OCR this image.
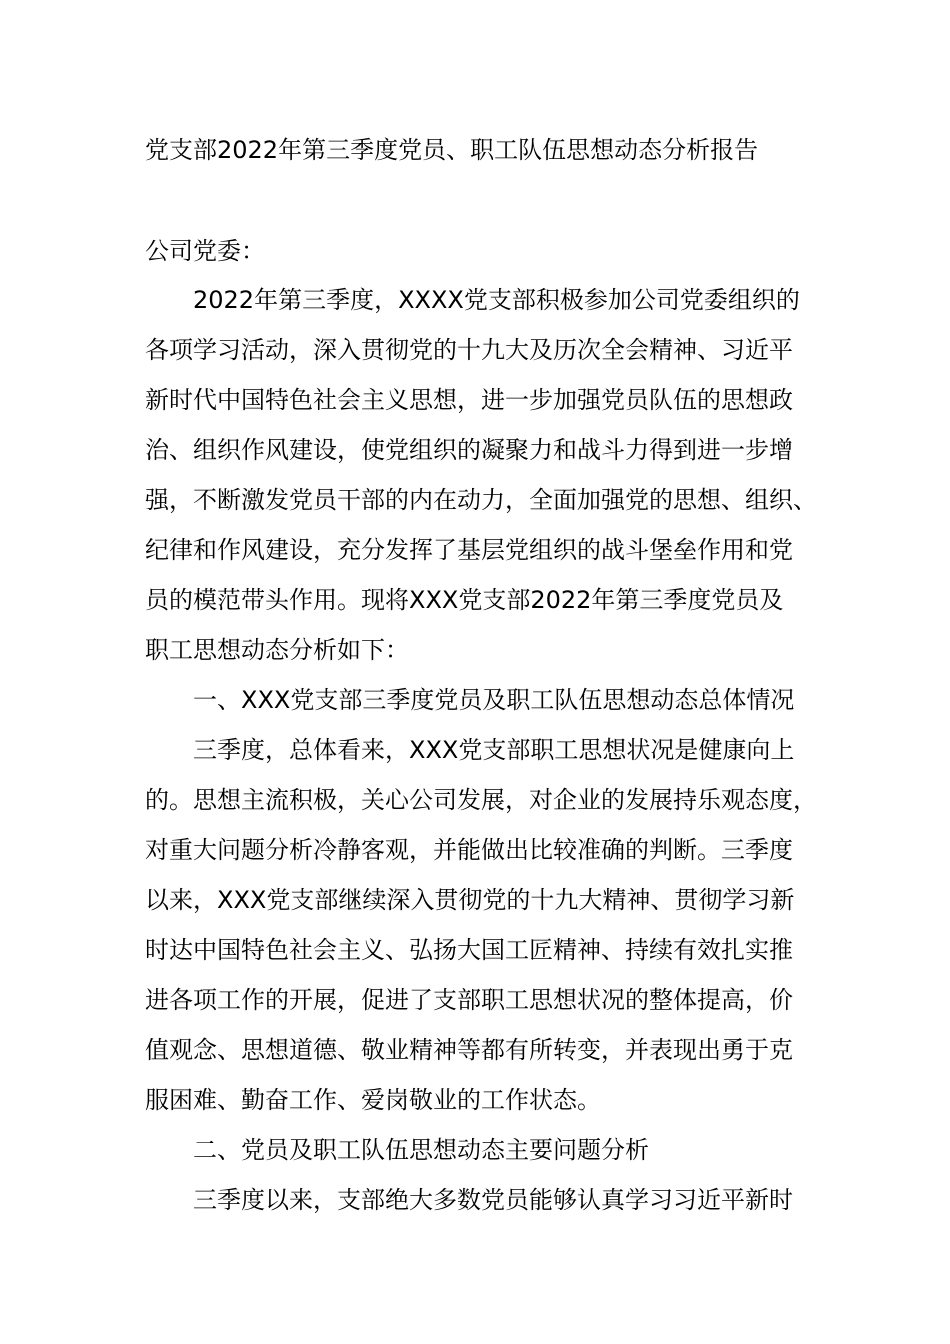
党支部2022年第三季度党员、职工队伍思想动态分析报告
公司党委：
2022年第三季度，XXXX党支部积极参加公司党委组织的
各项学习活动，深入贯彻党的十九大及历次全会精神、习近平
新时代中国特色社会主义思想，进一步加强党员队伍的思想政
治、组织作风建设，使党组织的凝聚力和战斗力得到进一步增
强，不断激发党员干部的内在动力，全面加强党的思想、组织、
纪律和作风建设，充分发挥了基层党组织的战斗堡垒作用和党
员的模范带头作用。现将XXX党支部2022年第三季度党员及
职工思想动态分析如下：
一、XXX党支部三季度党员及职工队伍思想动态总体情况
三季度，总体看来，XXX党支部职工思想状况是健康向上
的。思想主流积极，关心公司发展，对企业的发展持乐观态度，
对重大问题分析冷静客观，并能做出比较准确的判断。三季度
以来，XXX党支部继续深入贯彻党的十九大精神、贯彻学习新
时达中国特色社会主义、弘扬大国工匠精神、持续有效扎实推
进各项工作的开展，促进了支部职工思想状况的整体提高，价
值观念、思想道德、敬业精神等都有所转变，并表现出勇于克
服困难、勤奋工作、爱岗敬业的工作状态。
二、党员及职工队伍思想动态主要问题分析
三季度以来，支部绝大多数党员能够认真学习习近平新时
